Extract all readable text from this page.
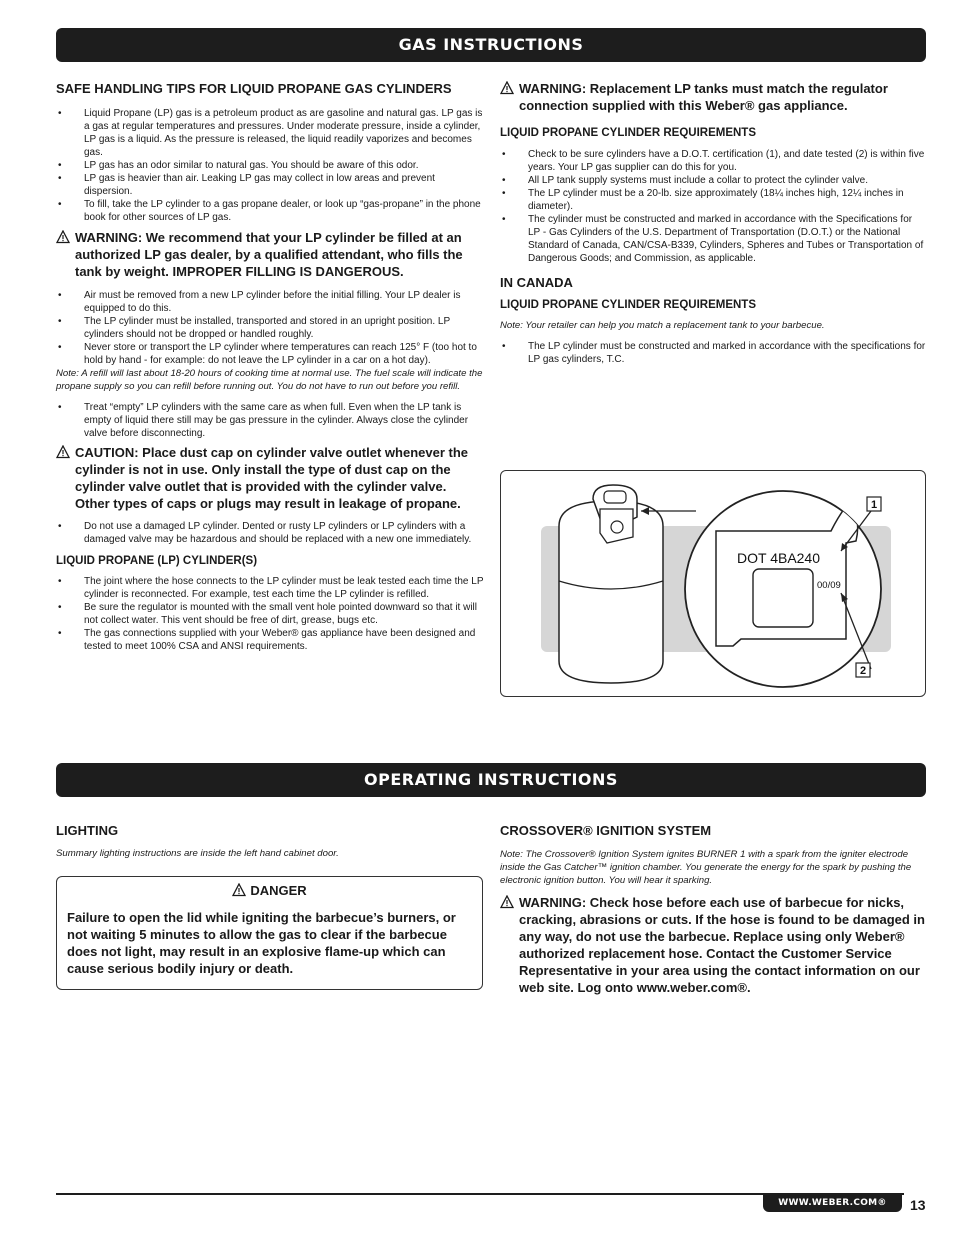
GAS INSTRUCTIONS
SAFE HANDLING TIPS FOR LIQUID PROPANE GAS CYLINDERS
• Liquid Propane (LP) gas is a petroleum product as are gasoline and natural gas. LP gas is a gas at regular temperatures and pressures. Under moderate pressure, inside a cylinder, LP gas is a liquid. As the pressure is released, the liquid readily vaporizes and becomes gas.
• LP gas has an odor similar to natural gas. You should be aware of this odor.
• LP gas is heavier than air. Leaking LP gas may collect in low areas and prevent dispersion.
• To fill, take the LP cylinder to a gas propane dealer, or look up “gas-propane” in the phone book for other sources of LP gas.
WARNING: We recommend that your LP cylinder be filled at an authorized LP gas dealer, by a qualified attendant, who fills the tank by weight. IMPROPER FILLING IS DANGEROUS.
• Air must be removed from a new LP cylinder before the initial filling. Your LP dealer is equipped to do this.
• The LP cylinder must be installed, transported and stored in an upright position. LP cylinders should not be dropped or handled roughly.
• Never store or transport the LP cylinder where temperatures can reach 125° F (too hot to hold by hand - for example: do not leave the LP cylinder in a car on a hot day).
Note: A refill will last about 18-20 hours of cooking time at normal use. The fuel scale will indicate the propane supply so you can refill before running out. You do not have to run out before you refill.
• Treat “empty” LP cylinders with the same care as when full. Even when the LP tank is empty of liquid there still may be gas pressure in the cylinder. Always close the cylinder valve before disconnecting.
CAUTION: Place dust cap on cylinder valve outlet whenever the cylinder is not in use. Only install the type of dust cap on the cylinder valve outlet that is provided with the cylinder valve. Other types of caps or plugs may result in leakage of propane.
• Do not use a damaged LP cylinder. Dented or rusty LP cylinders or LP cylinders with a damaged valve may be hazardous and should be replaced with a new one immediately.
LIQUID PROPANE (LP) CYLINDER(S)
• The joint where the hose connects to the LP cylinder must be leak tested each time the LP cylinder is reconnected. For example, test each time the LP cylinder is refilled.
• Be sure the regulator is mounted with the small vent hole pointed downward so that it will not collect water. This vent should be free of dirt, grease, bugs etc.
• The gas connections supplied with your Weber® gas appliance have been designed and tested to meet 100% CSA and ANSI requirements.
WARNING: Replacement LP tanks must match the regulator connection supplied with this Weber® gas appliance.
LIQUID PROPANE CYLINDER REQUIREMENTS
• Check to be sure cylinders have a D.O.T. certification (1), and date tested (2) is within five years. Your LP gas supplier can do this for you.
• All LP tank supply systems must include a collar to protect the cylinder valve.
• The LP cylinder must be a 20-lb. size approximately (18¼ inches high, 12¼ inches in diameter).
• The cylinder must be constructed and marked in accordance with the Specifications for LP - Gas Cylinders of the U.S. Department of Transportation (D.O.T.) or the National Standard of Canada, CAN/CSA-B339, Cylinders, Spheres and Tubes or Transportation of Dangerous Goods; and Commission, as applicable.
IN CANADA
LIQUID PROPANE CYLINDER REQUIREMENTS
Note: Your retailer can help you match a replacement tank to your barbecue.
• The LP cylinder must be constructed and marked in accordance with the specifications for LP gas cylinders, T.C.
DOT 4BA240
00/09
1
2
OPERATING INSTRUCTIONS
LIGHTING
Summary lighting instructions are inside the left hand cabinet door.
DANGER
Failure to open the lid while igniting the barbecue’s burners, or not waiting 5 minutes to allow the gas to clear if the barbecue does not light, may result in an explosive flame-up which can cause serious bodily injury or death.
CROSSOVER® IGNITION SYSTEM
Note: The Crossover® Ignition System ignites BURNER 1 with a spark from the igniter electrode inside the Gas Catcher™ ignition chamber. You generate the energy for the spark by pushing the electronic ignition button. You will hear it sparking.
WARNING: Check hose before each use of barbecue for nicks, cracking, abrasions or cuts. If the hose is found to be damaged in any way, do not use the barbecue. Replace using only Weber® authorized replacement hose. Contact the Customer Service Representative in your area using the contact information on our web site. Log onto www.weber.com®.
WWW.WEBER.COM®	13
